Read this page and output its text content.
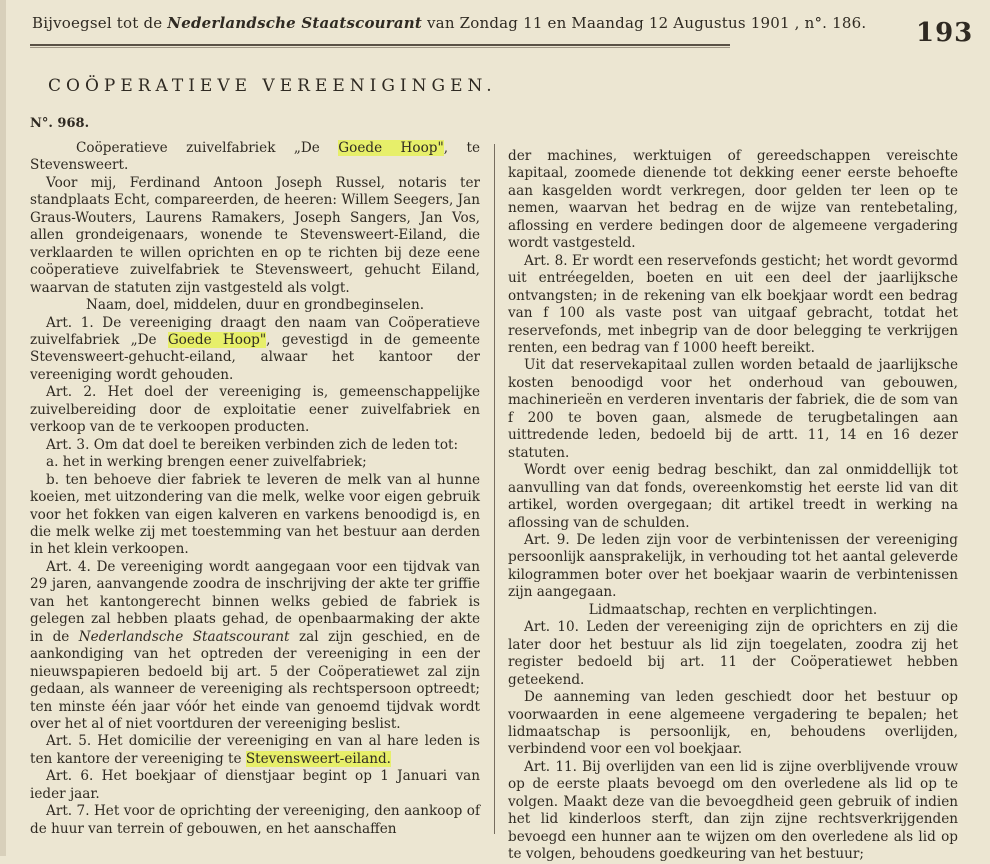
Bijvoegsel tot de Nederlandsche Staatscourant van Zondag 11 en Maandag 12 Augustus 1901 , n°. 186. 193
COÖPERATIEVE VEREENIGINGEN.
N°. 968.

Coöperatieve zuivelfabriek „De Goede Hoop", te Stevensweert.

Voor mij, Ferdinand Antoon Joseph Russel, notaris ter standplaats Echt, compareerden, de heeren: Willem Seegers, Jan Graus-Wouters, Laurens Ramakers, Joseph Sangers, Jan Vos, allen grondeigenaars, wonende te Stevensweert-Eiland, die verklaarden te willen oprichten en op te richten bij deze eene coöperatieve zuivelfabriek te Stevensweert, gehucht Eiland, waarvan de statuten zijn vastgesteld als volgt.

Naam, doel, middelen, duur en grondbeginselen.

Art. 1. De vereeniging draagt den naam van Coöperatieve zuivelfabriek „De Goede Hoop", gevestigd in de gemeente Stevensweert-gehucht-eiland, alwaar het kantoor der vereeniging wordt gehouden.

Art. 2. Het doel der vereeniging is, gemeenschappelijke zuivelbereiding door de exploitatie eener zuivelfabriek en verkoop van de te verkoopen producten.

Art. 3. Om dat doel te bereiken verbinden zich de leden tot:

a. het in werking brengen eener zuivelfabriek;

b. ten behoeve dier fabriek te leveren de melk van al hunne koeien, met uitzondering van die melk, welke voor eigen gebruik voor het fokken van eigen kalveren en varkens benoodigd is, en die melk welke zij met toestemming van het bestuur aan derden in het klein verkoopen.

Art. 4. De vereeniging wordt aangegaan voor een tijdvak van 29 jaren, aanvangende zoodra de inschrijving der akte ter griffie van het kantongerecht binnen welks gebied de fabriek is gelegen zal hebben plaats gehad, de openbaarmaking der akte in de Nederlandsche Staatscourant zal zijn geschied, en de aankondiging van het optreden der vereeniging in een der nieuwspapieren bedoeld bij art. 5 der Coöperatiewet zal zijn gedaan, als wanneer de vereeniging als rechtspersoon optreedt; ten minste één jaar vóór het einde van genoemd tijdvak wordt over het al of niet voortduren der vereeniging beslist.

Art. 5. Het domicilie der vereeniging en van al hare leden is ten kantore der vereeniging te Stevensweert-eiland.

Art. 6. Het boekjaar of dienstjaar begint op 1 Januari van ieder jaar.

Art. 7. Het voor de oprichting der vereeniging, den aankoop of de huur van terrein of gebouwen, en het aanschaffen

der machines, werktuigen of gereedschappen vereischte kapitaal, zoomede dienende tot dekking eener eerste behoefte aan kasgelden wordt verkregen, door gelden ter leen op te nemen, waarvan het bedrag en de wijze van rentebetaling, aflossing en verdere bedingen door de algemeene vergadering wordt vastgesteld.

Art. 8. Er wordt een reservefonds gesticht; het wordt gevormd uit entréegelden, boeten en uit een deel der jaarlijksche ontvangsten; in de rekening van elk boekjaar wordt een bedrag van f 100 als vaste post van uitgaaf gebracht, totdat het reservefonds, met inbegrip van de door belegging te verkrijgen renten, een bedrag van f 1000 heeft bereikt.

Uit dat reservekapitaal zullen worden betaald de jaarlijksche kosten benoodigd voor het onderhoud van gebouwen, machinerieën en verderen inventaris der fabriek, die de som van f 200 te boven gaan, alsmede de terugbetalingen aan uittredende leden, bedoeld bij de artt. 11, 14 en 16 dezer statuten.

Wordt over eenig bedrag beschikt, dan zal onmiddellijk tot aanvulling van dat fonds, overeenkomstig het eerste lid van dit artikel, worden overgegaan; dit artikel treedt in werking na aflossing van de schulden.

Art. 9. De leden zijn voor de verbintenissen der vereeniging persoonlijk aansprakelijk, in verhouding tot het aantal geleverde kilogrammen boter over het boekjaar waarin de verbintenissen zijn aangegaan.

Lidmaatschap, rechten en verplichtingen.

Art. 10. Leden der vereeniging zijn de oprichters en zij die later door het bestuur als lid zijn toegelaten, zoodra zij het register bedoeld bij art. 11 der Coöperatiewet hebben geteekend.

De aanneming van leden geschiedt door het bestuur op voorwaarden in eene algemeene vergadering te bepalen; het lidmaatschap is persoonlijk, en, behoudens overlijden, verbindend voor een vol boekjaar.

Art. 11. Bij overlijden van een lid is zijne overblijvende vrouw op de eerste plaats bevoegd om den overledene als lid op te volgen. Maakt deze van die bevoegdheid geen gebruik of indien het lid kinderloos sterft, dan zijn zijne rechtsverkrijgenden bevoegd een hunner aan te wijzen om den overledene als lid op te volgen, behoudens goedkeuring van het bestuur;
